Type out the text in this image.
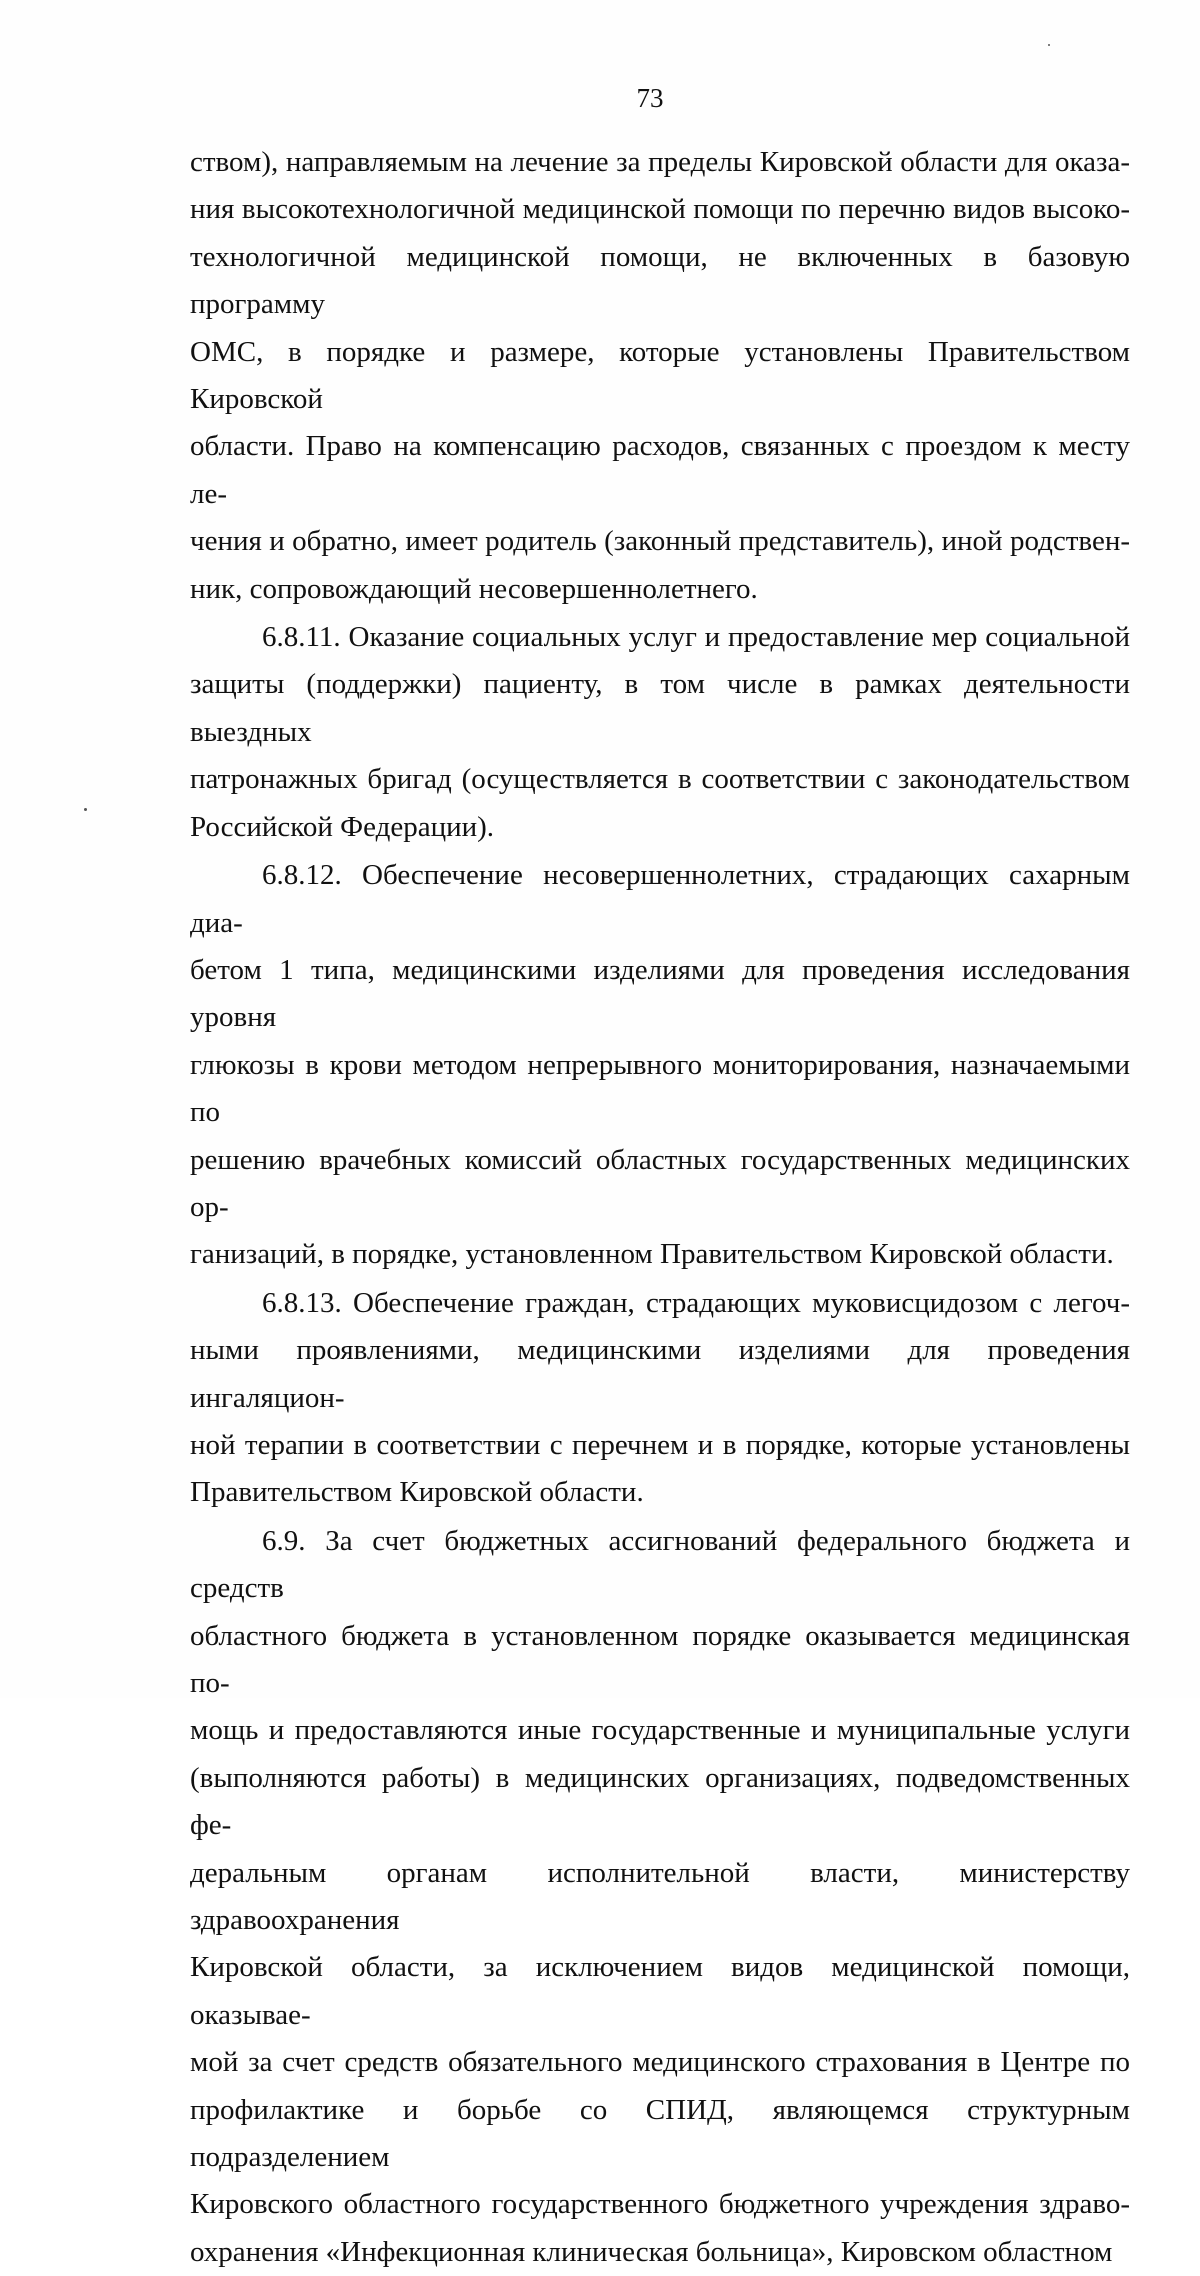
73

ством), направляемым на лечение за пределы Кировской области для оказа-

ния высокотехнологичной медицинской помощи по перечню видов высоко-

технологичной медицинской помощи, не включенных в базовую программу

ОМС, в порядке и размере, которые установлены Правительством Кировской

области. Право на компенсацию расходов, связанных с проездом к месту ле-

чения и обратно, имеет родитель (законный представитель), иной родствен-

ник, сопровождающий несовершеннолетнего.

6.8.11. Оказание социальных услуг и предоставление мер социальной

защиты (поддержки) пациенту, в том числе в рамках деятельности выездных

патронажных бригад (осуществляется в соответствии с законодательством

Российской Федерации).

6.8.12. Обеспечение несовершеннолетних, страдающих сахарным диа-

бетом 1 типа, медицинскими изделиями для проведения исследования уровня

глюкозы в крови методом непрерывного мониторирования, назначаемыми по

решению врачебных комиссий областных государственных медицинских ор-

ганизаций, в порядке, установленном Правительством Кировской области.

6.8.13. Обеспечение граждан, страдающих муковисцидозом с легоч-

ными проявлениями, медицинскими изделиями для проведения ингаляцион-

ной терапии в соответствии с перечнем и в порядке, которые установлены

Правительством Кировской области.

6.9. За счет бюджетных ассигнований федерального бюджета и средств

областного бюджета в установленном порядке оказывается медицинская по-

мощь и предоставляются иные государственные и муниципальные услуги

(выполняются работы) в медицинских организациях, подведомственных фе-

деральным органам исполнительной власти, министерству здравоохранения

Кировской области, за исключением видов медицинской помощи, оказывае-

мой за счет средств обязательного медицинского страхования в Центре по

профилактике и борьбе со СПИД, являющемся структурным подразделением

Кировского областного государственного бюджетного учреждения здраво-

охранения «Инфекционная клиническая больница», Кировском областном
